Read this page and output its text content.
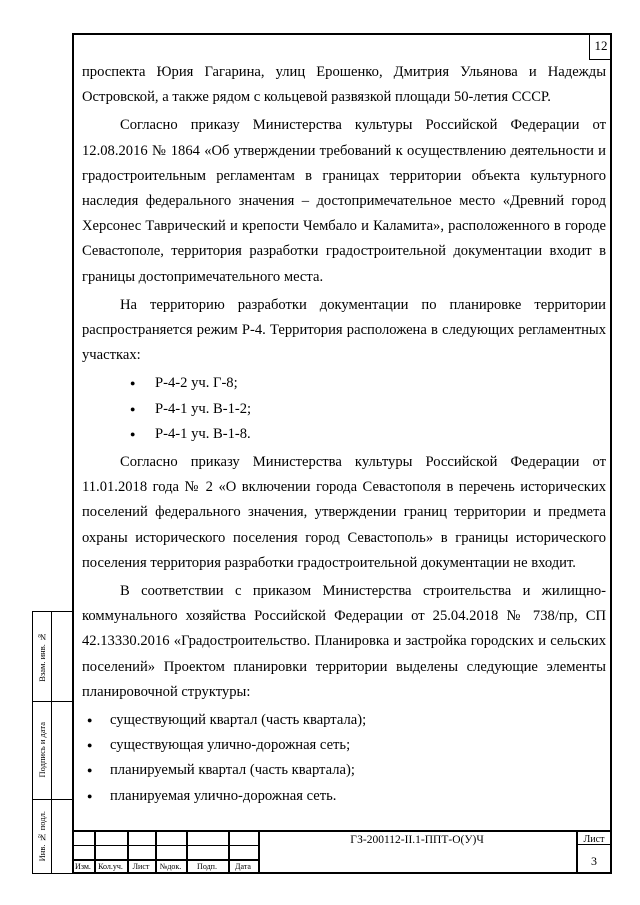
12

проспекта Юрия Гагарина, улиц Ерошенко, Дмитрия Ульянова и Надежды Островской, а также рядом с кольцевой развязкой площади 50-летия СССР.

Согласно приказу Министерства культуры Российской Федерации от 12.08.2016 № 1864 «Об утверждении требований к осуществлению деятельности и градостроительным регламентам в границах территории объекта культурного наследия федерального значения – достопримечательное место «Древний город Херсонес Таврический и крепости Чембало и Каламита», расположенного в городе Севастополе, территория разработки градостроительной документации входит в границы достопримечательного места.

На территорию разработки документации по планировке территории распространяется режим Р-4. Территория расположена в следующих регламентных участках:

● Р-4-2 уч. Г-8;
● Р-4-1 уч. В-1-2;
● Р-4-1 уч. В-1-8.

Согласно приказу Министерства культуры Российской Федерации от 11.01.2018 года № 2 «О включении города Севастополя в перечень исторических поселений федерального значения, утверждении границ территории и предмета охраны исторического поселения город Севастополь» в границы исторического поселения территория разработки градостроительной документации не входит.

В соответствии с приказом Министерства строительства и жилищно-коммунального хозяйства Российской Федерации от 25.04.2018 № 738/пр, СП 42.13330.2016 «Градостроительство. Планировка и застройка городских и сельских поселений» Проектом планировки территории выделены следующие элементы планировочной структуры:

● существующий квартал (часть квартала);
● существующая улично-дорожная сеть;
● планируемый квартал (часть квартала);
● планируемая улично-дорожная сеть.
Взам. инв. №
Подпись и дата
Инв. № подл.
Изм. Кол.уч.	Лист	№док.	Подп.	Дата
ГЗ-200112-II.1-ППТ-О(У)Ч	Лист
3
